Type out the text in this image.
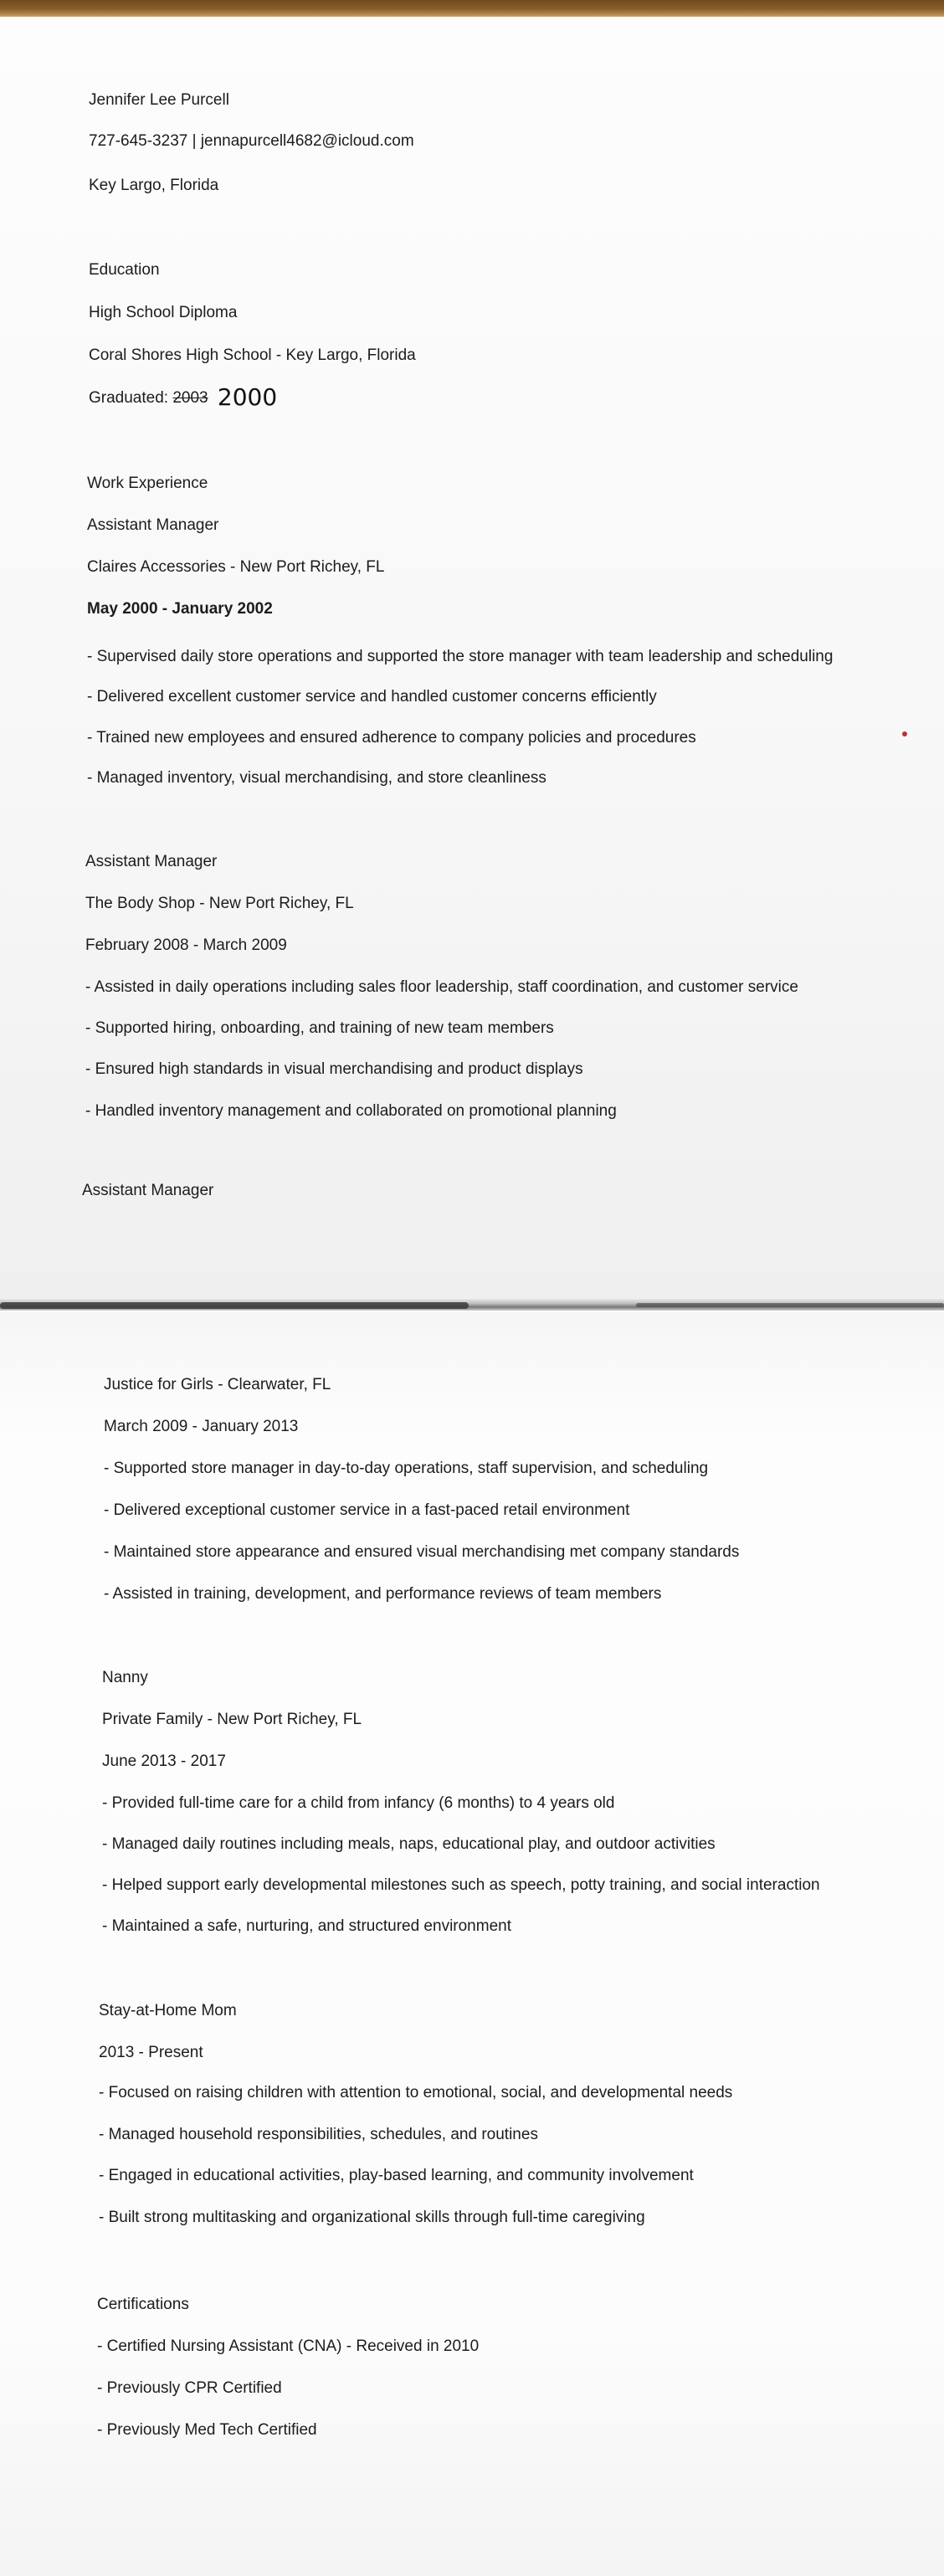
Jennifer Lee Purcell
727-645-3237 | jennapurcell4682@icloud.com
Key Largo, Florida
Education
High School Diploma
Coral Shores High School - Key Largo, Florida
Graduated: 2003 2000
Work Experience
Assistant Manager
Claires Accessories - New Port Richey, FL
May 2000 - January 2002
- Supervised daily store operations and supported the store manager with team leadership and scheduling
- Delivered excellent customer service and handled customer concerns efficiently
- Trained new employees and ensured adherence to company policies and procedures
- Managed inventory, visual merchandising, and store cleanliness
Assistant Manager
The Body Shop - New Port Richey, FL
February 2008 - March 2009
- Assisted in daily operations including sales floor leadership, staff coordination, and customer service
- Supported hiring, onboarding, and training of new team members
- Ensured high standards in visual merchandising and product displays
- Handled inventory management and collaborated on promotional planning
Assistant Manager
Justice for Girls - Clearwater, FL
March 2009 - January 2013
- Supported store manager in day-to-day operations, staff supervision, and scheduling
- Delivered exceptional customer service in a fast-paced retail environment
- Maintained store appearance and ensured visual merchandising met company standards
- Assisted in training, development, and performance reviews of team members
Nanny
Private Family - New Port Richey, FL
June 2013 - 2017
- Provided full-time care for a child from infancy (6 months) to 4 years old
- Managed daily routines including meals, naps, educational play, and outdoor activities
- Helped support early developmental milestones such as speech, potty training, and social interaction
- Maintained a safe, nurturing, and structured environment
Stay-at-Home Mom
2013 - Present
- Focused on raising children with attention to emotional, social, and developmental needs
- Managed household responsibilities, schedules, and routines
- Engaged in educational activities, play-based learning, and community involvement
- Built strong multitasking and organizational skills through full-time caregiving
Certifications
- Certified Nursing Assistant (CNA) - Received in 2010
- Previously CPR Certified
- Previously Med Tech Certified
